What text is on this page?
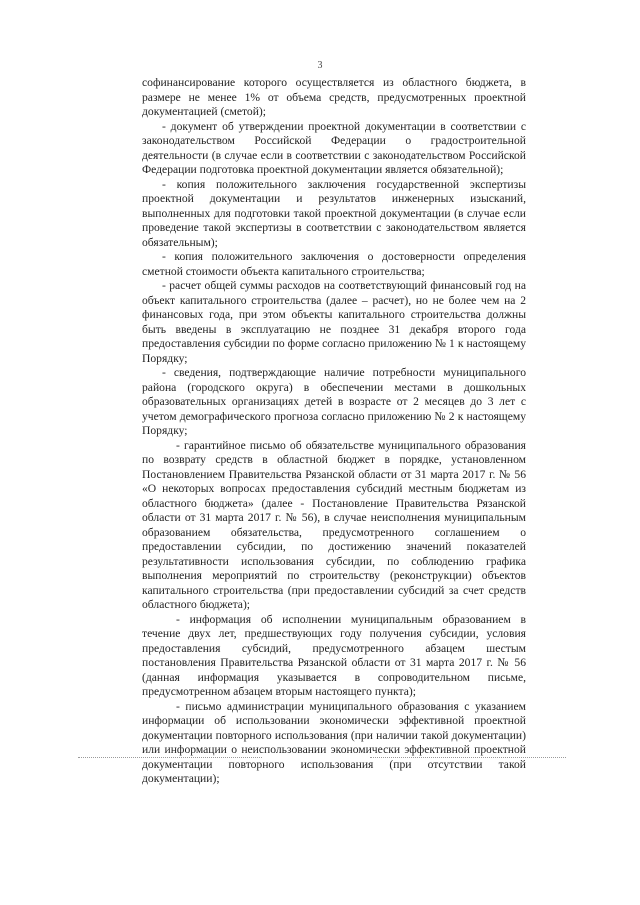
3

софинансирование которого осуществляется из областного бюджета, в размере не менее 1% от объема средств, предусмотренных проектной документацией (сметой);

- документ об утверждении проектной документации в соответствии с законодательством Российской Федерации о градостроительной деятельности (в случае если в соответствии с законодательством Российской Федерации подготовка проектной документации является обязательной);

- копия положительного заключения государственной экспертизы проектной документации и результатов инженерных изысканий, выполненных для подготовки такой проектной документации (в случае если проведение такой экспертизы в соответствии с законодательством является обязательным);

- копия положительного заключения о достоверности определения сметной стоимости объекта капитального строительства;

- расчет общей суммы расходов на соответствующий финансовый год на объект капитального строительства (далее – расчет), но не более чем на 2 финансовых года, при этом объекты капитального строительства должны быть введены в эксплуатацию не позднее 31 декабря второго года предоставления субсидии по форме согласно приложению № 1 к настоящему Порядку;

- сведения, подтверждающие наличие потребности муниципального района (городского округа) в обеспечении местами в дошкольных образовательных организациях детей в возрасте от 2 месяцев до 3 лет с учетом демографического прогноза согласно приложению № 2 к настоящему Порядку;

- гарантийное письмо об обязательстве муниципального образования по возврату средств в областной бюджет в порядке, установленном Постановлением Правительства Рязанской области от 31 марта 2017 г. № 56 «О некоторых вопросах предоставления субсидий местным бюджетам из областного бюджета» (далее - Постановление Правительства Рязанской области от 31 марта 2017 г. № 56), в случае неисполнения муниципальным образованием обязательства, предусмотренного соглашением о предоставлении субсидии, по достижению значений показателей результативности использования субсидии, по соблюдению графика выполнения мероприятий по строительству (реконструкции) объектов капитального строительства (при предоставлении субсидий за счет средств областного бюджета);

- информация об исполнении муниципальным образованием в течение двух лет, предшествующих году получения субсидии, условия предоставления субсидий, предусмотренного абзацем шестым постановления Правительства Рязанской области от 31 марта 2017 г. № 56 (данная информация указывается в сопроводительном письме, предусмотренном абзацем вторым настоящего пункта);

- письмо администрации муниципального образования с указанием информации об использовании экономически эффективной проектной документации повторного использования (при наличии такой документации) или информации о неиспользовании экономически эффективной проектной документации повторного использования (при отсутствии такой документации);
